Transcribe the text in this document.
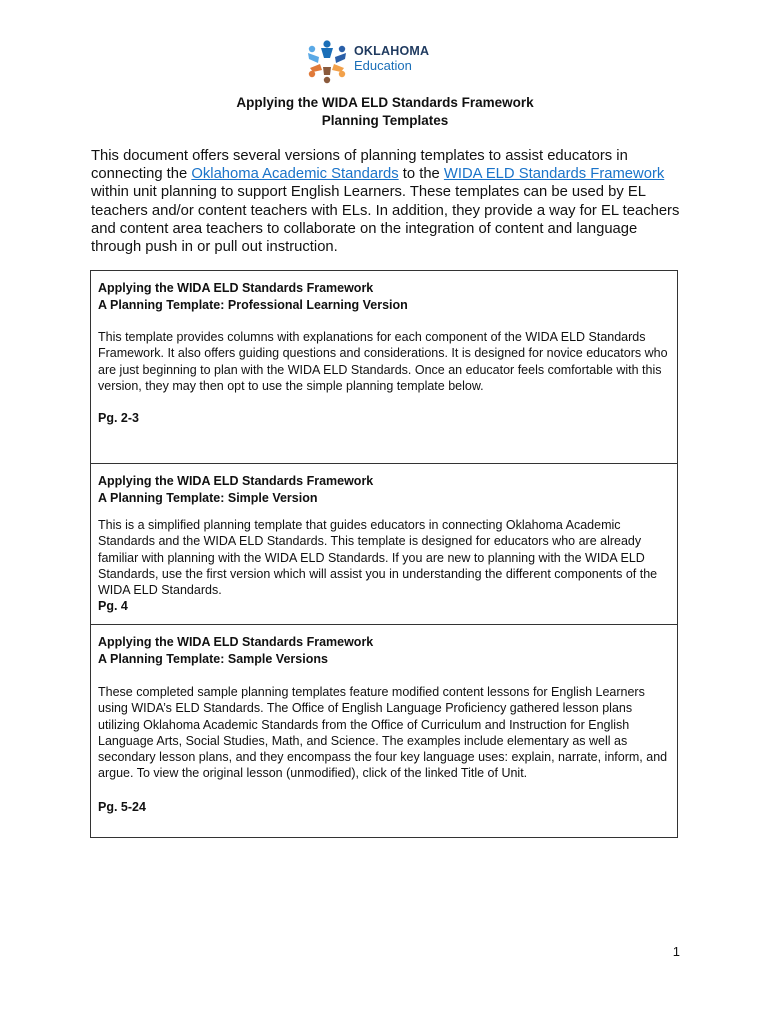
OKLAHOMA
Education
Applying the WIDA ELD Standards Framework
Planning Templates

This document offers several versions of planning templates to assist educators in connecting the Oklahoma Academic Standards to the WIDA ELD Standards Framework within unit planning to support English Learners. These templates can be used by EL teachers and/or content teachers with ELs. In addition, they provide a way for EL teachers and content area teachers to collaborate on the integration of content and language through push in or pull out instruction.

Applying the WIDA ELD Standards Framework
A Planning Template: Professional Learning Version
This template provides columns with explanations for each component of the WIDA ELD Standards Framework. It also offers guiding questions and considerations. It is designed for novice educators who are just beginning to plan with the WIDA ELD Standards. Once an educator feels comfortable with this version, they may then opt to use the simple planning template below.
Pg. 2-3
Applying the WIDA ELD Standards Framework
A Planning Template: Simple Version
This is a simplified planning template that guides educators in connecting Oklahoma Academic Standards and the WIDA ELD Standards. This template is designed for educators who are already familiar with planning with the WIDA ELD Standards. If you are new to planning with the WIDA ELD Standards, use the first version which will assist you in understanding the different components of the WIDA ELD Standards.
Pg. 4
Applying the WIDA ELD Standards Framework
A Planning Template: Sample Versions
These completed sample planning templates feature modified content lessons for English Learners using WIDA’s ELD Standards. The Office of English Language Proficiency gathered lesson plans utilizing Oklahoma Academic Standards from the Office of Curriculum and Instruction for English Language Arts, Social Studies, Math, and Science. The examples include elementary as well as secondary lesson plans, and they encompass the four key language uses: explain, narrate, inform, and argue. To view the original lesson (unmodified), click of the linked Title of Unit.
Pg. 5-24
1
